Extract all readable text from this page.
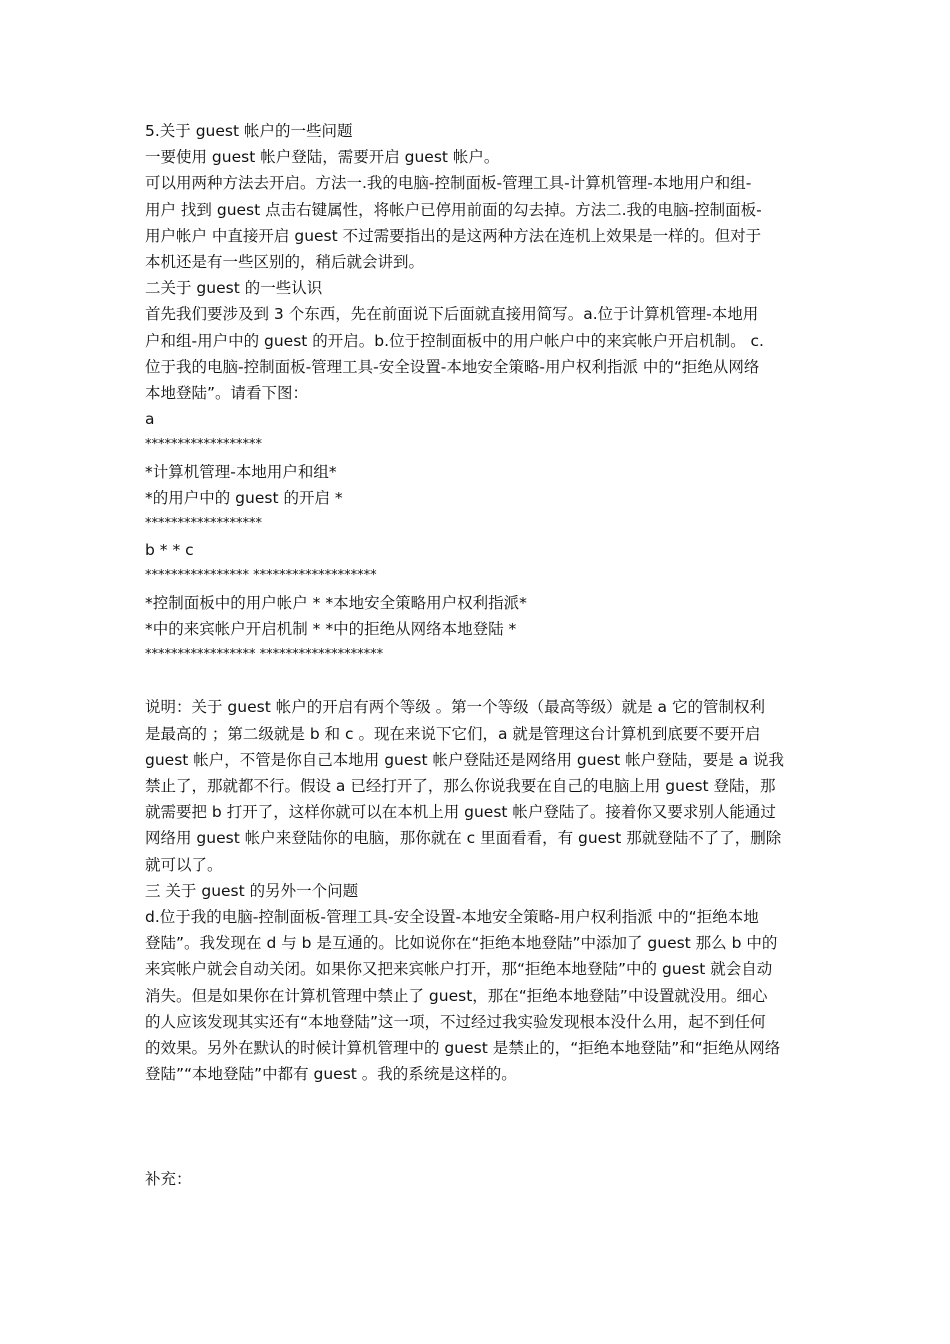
5.关于 guest 帐户的一些问题
一要使用 guest 帐户登陆，需要开启 guest 帐户。
可以用两种方法去开启。方法一.我的电脑-控制面板-管理工具-计算机管理-本地用户和组-
用户 找到 guest 点击右键属性，将帐户已停用前面的勾去掉。方法二.我的电脑-控制面板-
用户帐户 中直接开启 guest 不过需要指出的是这两种方法在连机上效果是一样的。但对于
本机还是有一些区别的，稍后就会讲到。
二关于 guest 的一些认识
首先我们要涉及到 3 个东西，先在前面说下后面就直接用简写。a.位于计算机管理-本地用
户和组-用户中的 guest 的开启。b.位于控制面板中的用户帐户中的来宾帐户开启机制。 c.
位于我的电脑-控制面板-管理工具-安全设置-本地安全策略-用户权利指派 中的“拒绝从网络
本地登陆”。请看下图：
a
******************
*计算机管理-本地用户和组*
*的用户中的 guest 的开启 *
******************
b * * c
**************** *******************
*控制面板中的用户帐户 * *本地安全策略用户权利指派*
*中的来宾帐户开启机制 * *中的拒绝从网络本地登陆 *
***************** *******************
说明：关于 guest 帐户的开启有两个等级 。第一个等级（最高等级）就是 a 它的管制权利
是最高的 ；第二级就是 b 和 c 。现在来说下它们，a 就是管理这台计算机到底要不要开启
guest 帐户，不管是你自己本地用 guest 帐户登陆还是网络用 guest 帐户登陆，要是 a 说我
禁止了，那就都不行。假设 a 已经打开了，那么你说我要在自己的电脑上用 guest 登陆，那
就需要把 b 打开了，这样你就可以在本机上用 guest 帐户登陆了。接着你又要求别人能通过
网络用 guest 帐户来登陆你的电脑，那你就在 c 里面看看，有 guest 那就登陆不了了，删除
就可以了。
三 关于 guest 的另外一个问题
d.位于我的电脑-控制面板-管理工具-安全设置-本地安全策略-用户权利指派 中的“拒绝本地
登陆”。我发现在 d 与 b 是互通的。比如说你在“拒绝本地登陆”中添加了 guest 那么 b 中的
来宾帐户就会自动关闭。如果你又把来宾帐户打开，那“拒绝本地登陆”中的 guest 就会自动
消失。但是如果你在计算机管理中禁止了 guest，那在“拒绝本地登陆”中设置就没用。细心
的人应该发现其实还有“本地登陆”这一项，不过经过我实验发现根本没什么用，起不到任何
的效果。另外在默认的时候计算机管理中的 guest 是禁止的，“拒绝本地登陆”和“拒绝从网络
登陆”“本地登陆”中都有 guest 。我的系统是这样的。
补充：
